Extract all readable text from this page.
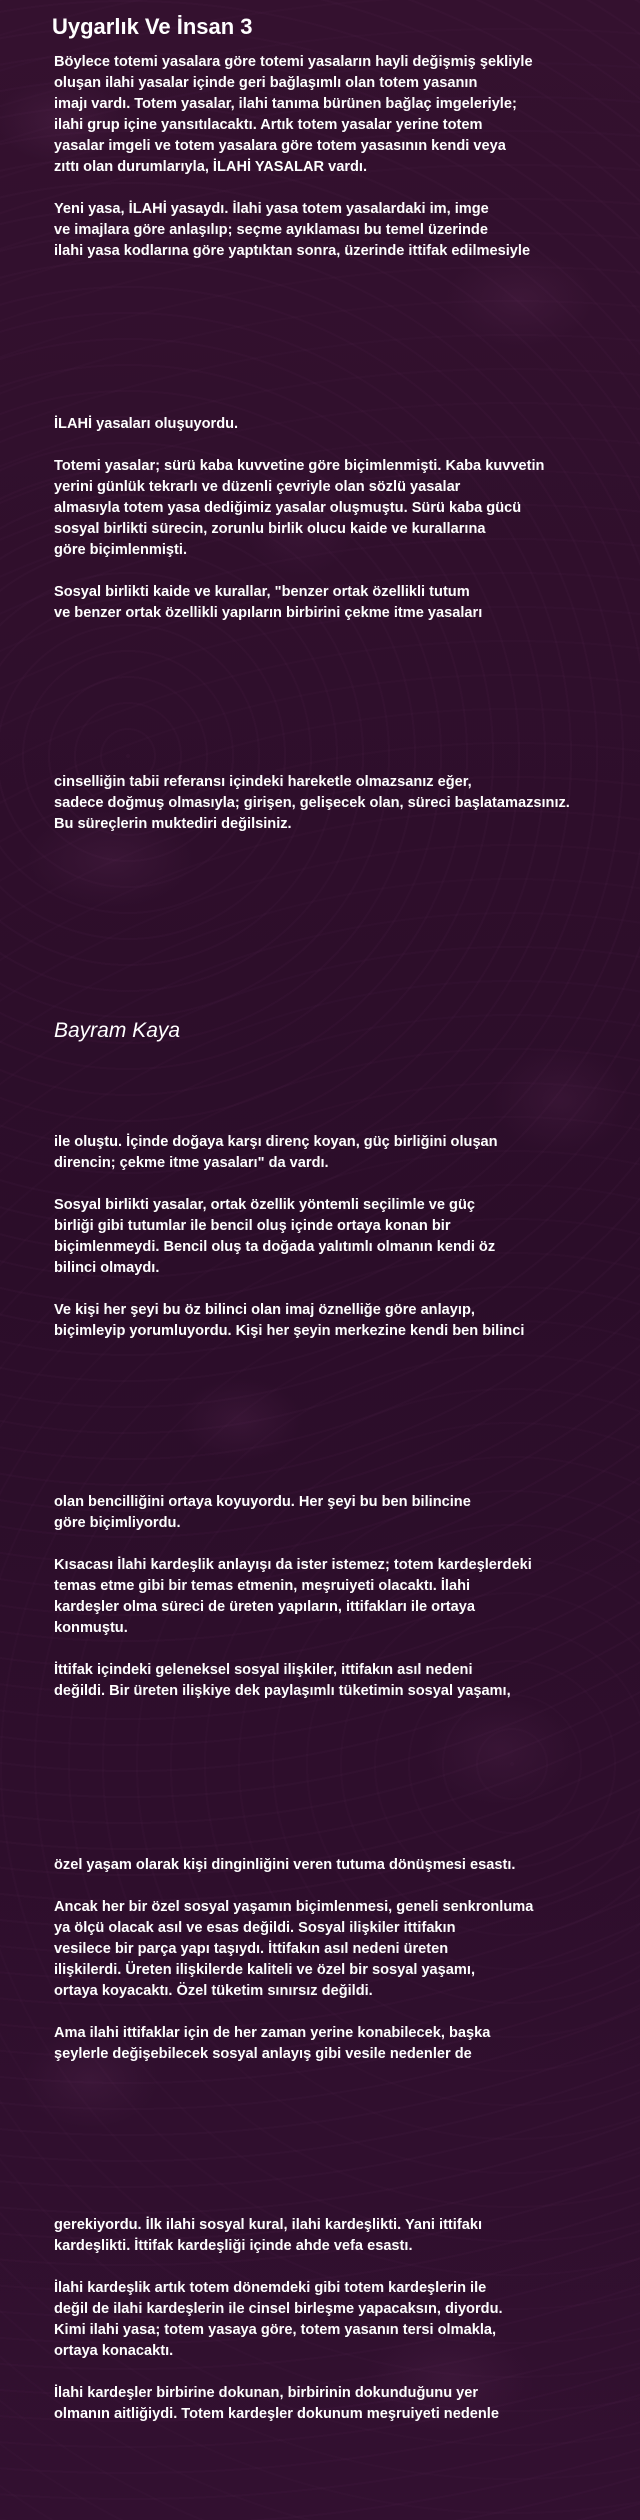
Uygarlık Ve İnsan 3

Böylece totemi yasalara göre totemi yasaların hayli değişmiş şekliyle
oluşan ilahi yasalar içinde geri bağlaşımlı olan totem yasanın
imajı vardı. Totem yasalar, ilahi tanıma bürünen bağlaç imgeleriyle;
ilahi grup içine yansıtılacaktı. Artık totem yasalar yerine totem
yasalar imgeli ve totem yasalara göre totem yasasının kendi veya
zıttı olan durumlarıyla, İLAHİ YASALAR vardı.

Yeni yasa, İLAHİ yasaydı. İlahi yasa totem yasalardaki im, imge
ve imajlara göre anlaşılıp; seçme ayıklaması bu temel üzerinde
ilahi yasa kodlarına göre yaptıktan sonra, üzerinde ittifak edilmesiyle

İLAHİ yasaları oluşuyordu.

Totemi yasalar; sürü kaba kuvvetine göre biçimlenmişti. Kaba kuvvetin
yerini günlük tekrarlı ve düzenli çevriyle olan sözlü yasalar
almasıyla totem yasa dediğimiz yasalar oluşmuştu. Sürü kaba gücü
sosyal birlikti sürecin, zorunlu birlik olucu kaide ve kurallarına
göre biçimlenmişti.

Sosyal birlikti kaide ve kurallar, "benzer ortak özellikli tutum
ve benzer ortak özellikli yapıların birbirini çekme itme yasaları

cinselliğin tabii referansı içindeki hareketle olmazsanız eğer,
sadece doğmuş olmasıyla; girişen, gelişecek olan, süreci başlatamazsınız.
Bu süreçlerin muktediri değilsiniz.

Bayram Kaya

ile oluştu. İçinde doğaya karşı direnç koyan, güç birliğini oluşan
direncin; çekme itme yasaları" da vardı.

Sosyal birlikti yasalar, ortak özellik yöntemli seçilimle ve güç
birliği gibi tutumlar ile bencil oluş içinde ortaya konan bir
biçimlenmeydi. Bencil oluş ta doğada yalıtımlı olmanın kendi öz
bilinci olmaydı.

Ve kişi her şeyi bu öz bilinci olan imaj öznelliğe göre anlayıp,
biçimleyip yorumluyordu. Kişi her şeyin merkezine kendi ben bilinci

olan bencilliğini ortaya koyuyordu. Her şeyi bu ben bilincine
göre biçimliyordu.

Kısacası İlahi kardeşlik anlayışı da ister istemez; totem kardeşlerdeki
temas etme gibi bir temas etmenin, meşruiyeti olacaktı. İlahi
kardeşler olma süreci de üreten yapıların, ittifakları ile ortaya
konmuştu.

İttifak içindeki geleneksel sosyal ilişkiler, ittifakın asıl nedeni
değildi. Bir üreten ilişkiye dek paylaşımlı tüketimin sosyal yaşamı,

özel yaşam olarak kişi dinginliğini veren tutuma dönüşmesi esastı.

Ancak her bir özel sosyal yaşamın biçimlenmesi, geneli senkronluma
ya ölçü olacak asıl ve esas değildi. Sosyal ilişkiler ittifakın
vesilece bir parça yapı taşıydı. İttifakın asıl nedeni üreten
ilişkilerdi. Üreten ilişkilerde kaliteli ve özel bir sosyal yaşamı,
ortaya koyacaktı. Özel tüketim sınırsız değildi.

Ama ilahi ittifaklar için de her zaman yerine konabilecek, başka
şeylerle değişebilecek sosyal anlayış gibi vesile nedenler de

gerekiyordu. İlk ilahi sosyal kural, ilahi kardeşlikti. Yani ittifakı
kardeşlikti. İttifak kardeşliği içinde ahde vefa esastı.

İlahi kardeşlik artık totem dönemdeki gibi totem kardeşlerin ile
değil de ilahi kardeşlerin ile cinsel birleşme yapacaksın, diyordu.
Kimi ilahi yasa; totem yasaya göre, totem yasanın tersi olmakla,
ortaya konacaktı.

İlahi kardeşler birbirine dokunan, birbirinin dokunduğunu yer
olmanın aitliğiydi. Totem kardeşler dokunum meşruiyeti nedenle
